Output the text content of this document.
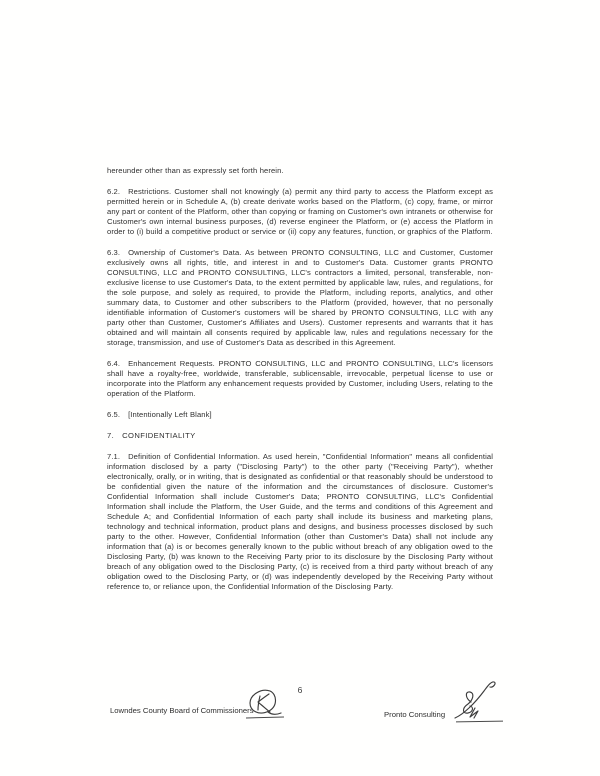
hereunder other than as expressly set forth herein.

6.2. Restrictions. Customer shall not knowingly (a) permit any third party to access the Platform except as permitted herein or in Schedule A, (b) create derivate works based on the Platform, (c) copy, frame, or mirror any part or content of the Platform, other than copying or framing on Customer's own intranets or otherwise for Customer's own internal business purposes, (d) reverse engineer the Platform, or (e) access the Platform in order to (i) build a competitive product or service or (ii) copy any features, function, or graphics of the Platform.

6.3. Ownership of Customer's Data. As between PRONTO CONSULTING, LLC and Customer, Customer exclusively owns all rights, title, and interest in and to Customer's Data. Customer grants PRONTO CONSULTING, LLC and PRONTO CONSULTING, LLC's contractors a limited, personal, transferable, non-exclusive license to use Customer's Data, to the extent permitted by applicable law, rules, and regulations, for the sole purpose, and solely as required, to provide the Platform, including reports, analytics, and other summary data, to Customer and other subscribers to the Platform (provided, however, that no personally identifiable information of Customer's customers will be shared by PRONTO CONSULTING, LLC with any party other than Customer, Customer's Affiliates and Users). Customer represents and warrants that it has obtained and will maintain all consents required by applicable law, rules and regulations necessary for the storage, transmission, and use of Customer's Data as described in this Agreement.

6.4. Enhancement Requests. PRONTO CONSULTING, LLC and PRONTO CONSULTING, LLC's licensors shall have a royalty-free, worldwide, transferable, sublicensable, irrevocable, perpetual license to use or incorporate into the Platform any enhancement requests provided by Customer, including Users, relating to the operation of the Platform.

6.5. [Intentionally Left Blank]

7. CONFIDENTIALITY

7.1. Definition of Confidential Information. As used herein, "Confidential Information" means all confidential information disclosed by a party ("Disclosing Party") to the other party ("Receiving Party"), whether electronically, orally, or in writing, that is designated as confidential or that reasonably should be understood to be confidential given the nature of the information and the circumstances of disclosure. Customer's Confidential Information shall include Customer's Data; PRONTO CONSULTING, LLC's Confidential Information shall include the Platform, the User Guide, and the terms and conditions of this Agreement and Schedule A; and Confidential Information of each party shall include its business and marketing plans, technology and technical information, product plans and designs, and business processes disclosed by such party to the other. However, Confidential Information (other than Customer's Data) shall not include any information that (a) is or becomes generally known to the public without breach of any obligation owed to the Disclosing Party, (b) was known to the Receiving Party prior to its disclosure by the Disclosing Party without breach of any obligation owed to the Disclosing Party, (c) is received from a third party without breach of any obligation owed to the Disclosing Party, or (d) was independently developed by the Receiving Party without reference to, or reliance upon, the Confidential Information of the Disclosing Party.

6
Lowndes County Board of Commissioners	Pronto Consulting
